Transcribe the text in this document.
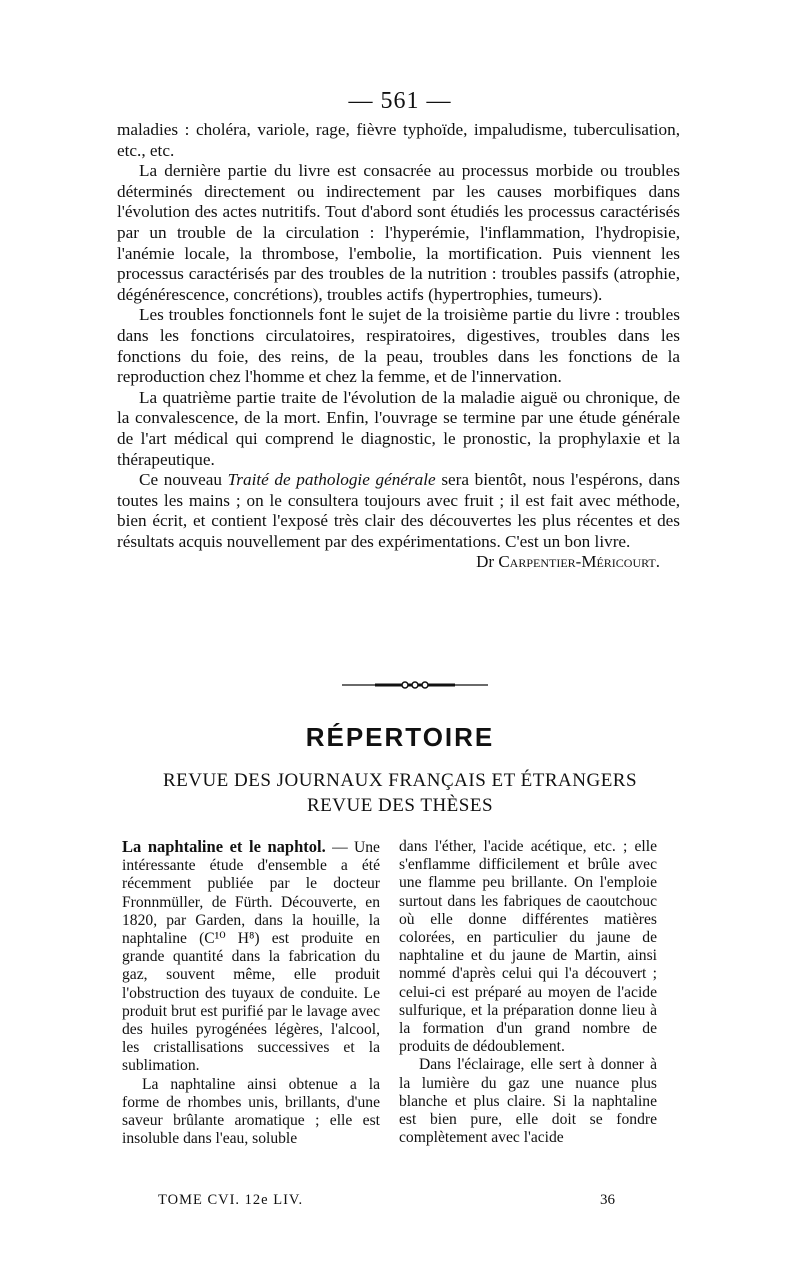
— 561 —

maladies : choléra, variole, rage, fièvre typhoïde, impaludisme, tuberculisation, etc., etc.

La dernière partie du livre est consacrée au processus morbide ou troubles déterminés directement ou indirectement par les causes morbifiques dans l'évolution des actes nutritifs. Tout d'abord sont étudiés les processus caractérisés par un trouble de la circulation : l'hyperémie, l'inflammation, l'hydropisie, l'anémie locale, la thrombose, l'embolie, la mortification. Puis viennent les processus caractérisés par des troubles de la nutrition : troubles passifs (atrophie, dégénérescence, concrétions), troubles actifs (hypertrophies, tumeurs).

Les troubles fonctionnels font le sujet de la troisième partie du livre : troubles dans les fonctions circulatoires, respiratoires, digestives, troubles dans les fonctions du foie, des reins, de la peau, troubles dans les fonctions de la reproduction chez l'homme et chez la femme, et de l'innervation.

La quatrième partie traite de l'évolution de la maladie aiguë ou chronique, de la convalescence, de la mort. Enfin, l'ouvrage se termine par une étude générale de l'art médical qui comprend le diagnostic, le pronostic, la prophylaxie et la thérapeutique.

Ce nouveau Traité de pathologie générale sera bientôt, nous l'espérons, dans toutes les mains ; on le consultera toujours avec fruit ; il est fait avec méthode, bien écrit, et contient l'exposé très clair des découvertes les plus récentes et des résultats acquis nouvellement par des expérimentations. C'est un bon livre.

Dr Carpentier-Méricourt.

RÉPERTOIRE
REVUE DES JOURNAUX FRANÇAIS ET ÉTRANGERS
REVUE DES THÈSES
La naphtaline et le naphtol. — Une intéressante étude d'ensemble a été récemment publiée par le docteur Fronnmüller, de Fürth. Découverte, en 1820, par Garden, dans la houille, la naphtaline (C¹⁰ H⁸) est produite en grande quantité dans la fabrication du gaz, souvent même, elle produit l'obstruction des tuyaux de conduite. Le produit brut est purifié par le lavage avec des huiles pyrogénées légères, l'alcool, les cristallisations successives et la sublimation.

La naphtaline ainsi obtenue a la forme de rhombes unis, brillants, d'une saveur brûlante aromatique ; elle est insoluble dans l'eau, soluble

dans l'éther, l'acide acétique, etc. ; elle s'enflamme difficilement et brûle avec une flamme peu brillante. On l'emploie surtout dans les fabriques de caoutchouc où elle donne différentes matières colorées, en particulier du jaune de naphtaline et du jaune de Martin, ainsi nommé d'après celui qui l'a découvert ; celui-ci est préparé au moyen de l'acide sulfurique, et la préparation donne lieu à la formation d'un grand nombre de produits de dédoublement.

Dans l'éclairage, elle sert à donner à la lumière du gaz une nuance plus blanche et plus claire. Si la naphtaline est bien pure, elle doit se fondre complètement avec l'acide

TOME CVI. 12e LIV.	36
